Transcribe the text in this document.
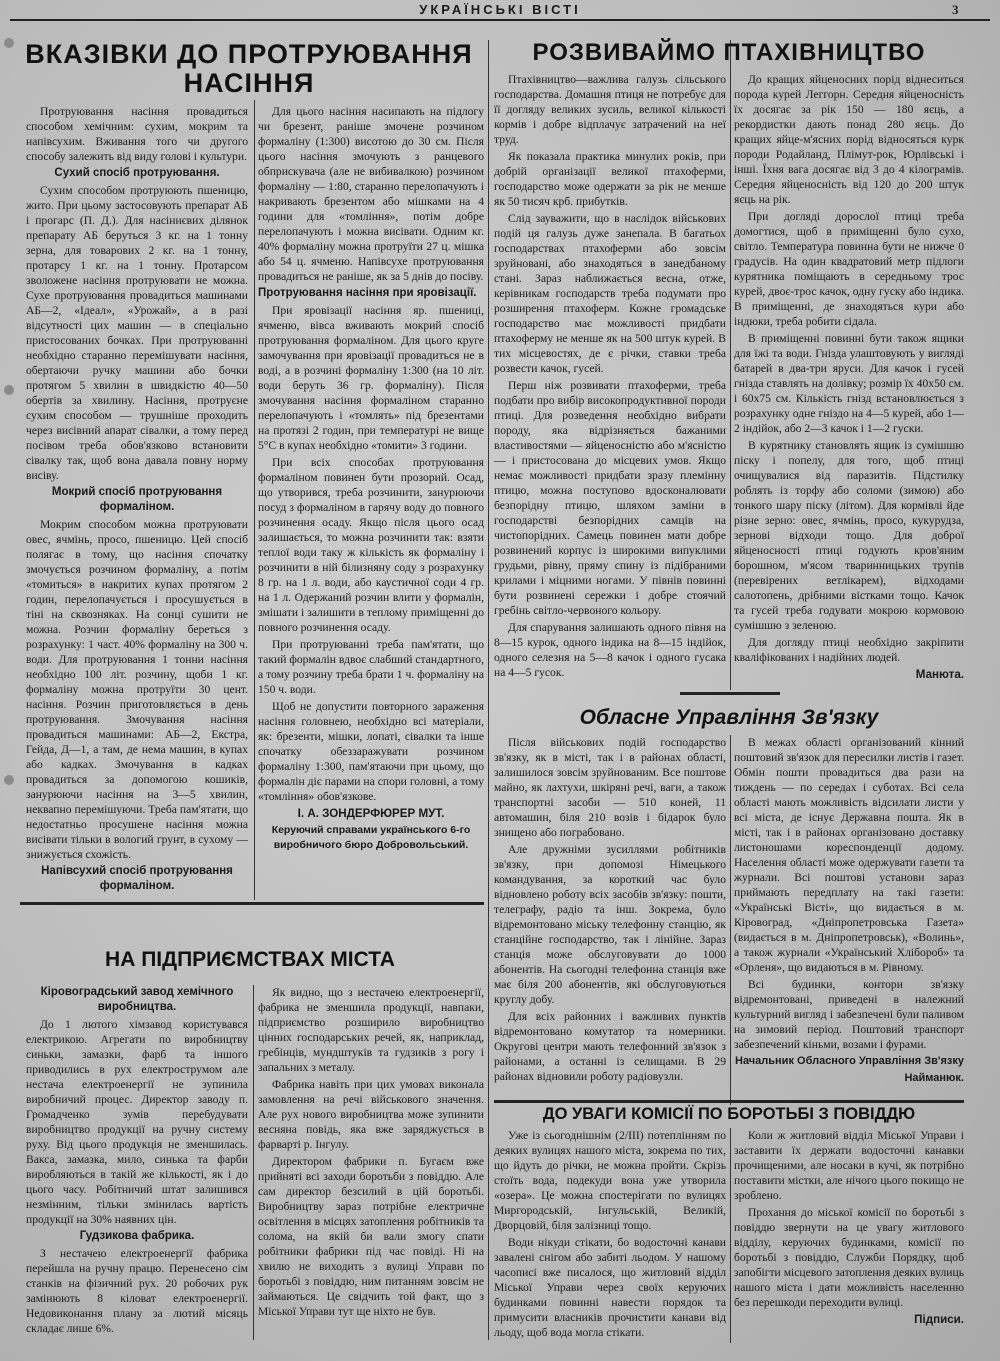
УКРАЇНСЬКІ ВІСТІ	3
ВКАЗІВКИ ДО ПРОТРУЮВАННЯ НАСІННЯ

Протруювання насіння провадиться способом хемічним: сухим, мокрим та напівсухим. Вживання того чи другого способу залежить від виду голові і культури.

Сухий спосіб протруювання.

Сухим способом протруюють пшеницю, жито. При цьому застосовують препарат АБ і прогарс (П. Д.). Для насіннєвих ділянок препарату АБ беруться 3 кг. на 1 тонну зерна, для товарових 2 кг. на 1 тонну, протарсу 1 кг. на 1 тонну. Протарсом зволожене насіння протруювати не можна. Сухе протруювання провадиться машинами АБ—2, «Ідеал», «Урожай», а в разі відсутності цих машин — в спеціально пристосованих бочках. При протруюванні необхідно старанно перемішувати насіння, обертаючи ручку машини або бочки протягом 5 хвилин в швидкістю 40—50 обертів за хвилину. Насіння, протруєне сухим способом — трушніше проходить через висівний апарат сівалки, а тому перед посівом треба обов'язково встановити сівалку так, щоб вона давала повну норму висіву.

Мокрий спосіб протруювання формаліном.

Мокрим способом можна протруювати овес, ячмінь, просо, пшеницю. Цей спосіб полягає в тому, що насіння спочатку змочується розчином формаліну, а потім «томиться» в накритих купах протягом 2 годин, перелопачується і просушується в тіні на сквозняках. На сонці сушити не можна. Розчин формаліну береться з розрахунку: 1 част. 40% формаліну на 300 ч. води. Для протруювання 1 тонни насіння необхідно 100 літ. розчину, щоби 1 кг. формаліну можна протруїти 30 цент. насіння. Розчин приготовляється в день протруювання. Змочування насіння провадиться машинами: АБ—2, Екстра, Гейда, Д—1, а там, де нема машин, в купах або кадках. Змочування в кадках провадиться за допомогою кошиків, занурюючи насіння на 3—5 хвилин, неквапно перемішуючи. Треба пам'ятати, що недостатньо просушене насіння можна висівати тільки в вологий грунт, в сухому — знижується схожість.

Напівсухий спосіб протруювання формаліном.

Для цього насіння насипають на підлогу чи брезент, раніше змочене розчином формаліну (1:300) висотою до 30 см. Після цього насіння змочують з ранцевого обприскувача (але не вибивалкою) розчином формаліну — 1:80, старанно перелопачують і накривають брезентом або мішками на 4 години для «томління», потім добре перелопачують і можна висівати. Одним кг. 40% формаліну можна протруїти 27 ц. мішка або 54 ц. ячменю. Напівсухе протруювання провадиться не раніше, як за 5 днів до посіву.

Протруювання насіння при яровізації.

При яровізації насіння яр. пшениці, ячменю, вівса вживають мокрий спосіб протруювання формаліном. Для цього круге замочування при яровізації провадиться не в воді, а в розчині формаліну 1:300 (на 10 літ. води беруть 36 гр. формаліну). Після змочування насіння формаліном старанно перелопачують і «томлять» під брезентами на протязі 2 годин, при температурі не вище 5°С в купах необхідно «томити» 3 години.

При всіх способах протруювання формаліном повинен бути прозорий. Осад, що утворився, треба розчинити, занурюючи посуд з формаліном в гарячу воду до повного розчинення осаду. Якщо після цього осад залишається, то можна розчинити так: взяти теплої води таку ж кількість як формаліну і розчинити в ній білизняну соду з розрахунку 8 гр. на 1 л. води, або каустичної соди 4 гр. на 1 л. Одержаний розчин влити у формалін, змішати і залишити в теплому приміщенні до повного розчинення осаду.

При протруюванні треба пам'ятати, що такий формалін вдвоє слабший стандартного, а тому розчину треба брати 1 ч. формаліну на 150 ч. води.

Щоб не допустити повторного зараження насіння головнею, необхідно всі матеріали, як: брезенти, мішки, лопаті, сівалки та інше спочатку обеззаражувати розчином формаліну 1:300, пам'ятаючи при цьому, що формалін діє парами на спори головні, а тому «томління» обов'язкове.

І. А. ЗОНДЕРФЮРЕР МУТ.

Керуючий справами українського 6-го виробничого бюро Добровольський.

НА ПІДПРИЄМСТВАХ МІСТА

Кіровоградський завод хемічного виробництва.

До 1 лютого хімзавод користувався електрикою. Агрегати по виробництву синьки, замазки, фарб та іншого приводились в рух електрострумом але нестача електроенергії не зупинила виробничий процес. Директор заводу п. Громадченко зумів перебудувати виробництво продукції на ручну систему руху. Від цього продукція не зменшилась. Вакса, замазка, мило, синька та фарби виробляються в такій же кількості, як і до цього часу. Робітничий штат залишився незмінним, тільки змінилась вартість продукції на 30% наявних цін.

Гудзикова фабрика.

З нестачею електроенергії фабрика перейшла на ручну працю. Перенесено сім станків на фізичний рух. 20 робочих рук замінюють 8 кіловат електроенергії. Недовиконання плану за лютий місяць складає лише 6%.

Як видно, що з нестачею електроенергії, фабрика не зменшила продукції, навпаки, підприємство розширило виробництво цінних господарських речей, як, наприклад, гребінців, мундштуків та гудзиків з рогу і запальних з металу.

Фабрика навіть при цих умовах виконала замовлення на речі військового значення. Але рух нового виробництва може зупинити весняна повідь, яка вже заряджується в фарварті р. Інгулу.

Директором фабрики п. Бугаєм вже прийняті всі заходи боротьби з повіддю. Але сам директор безсилий в цій боротьбі. Виробництву зараз потрібне електричне освітлення в місцях затоплення робітників та солома, на якій би вали змогу спати робітники фабрики під час повіді. Ні на хвилю не виходить з вулиці Управи по боротьбі з повіддю, ним питанням зовсім не займаються. Це свідчить той факт, що з Міської Управи тут ще ніхто не був.

РОЗВИВАЙМО ПТАХІВНИЦТВО

Птахівництво—важлива галузь сільського господарства. Домашня птиця не потребує для її догляду великих зусиль, великої кількості кормів і добре відплачує затрачений на неї труд.

Як показала практика минулих років, при добрій організації великої птахоферми, господарство може одержати за рік не менше як 50 тисяч крб. прибутків.

Слід зауважити, що в наслідок військових подій ця галузь дуже занепала. В багатьох господарствах птахоферми або зовсім зруйновані, або знаходяться в занедбаному стані. Зараз наближається весна, отже, керівникам господарств треба подумати про розширення птахоферм. Кожне громадське господарство має можливості придбати птахоферму не менше як на 500 штук курей. В тих місцевостях, де є річки, ставки треба розвести качок, гусей.

Перш ніж розвивати птахоферми, треба подбати про вибір високопродуктивної породи птиці. Для розведення необхідно вибрати породу, яка відрізняється бажаними властивостями — яйценосністю або м'ясністю — і пристосована до місцевих умов. Якщо немає можливості придбати зразу племінну птицю, можна поступово вдосконалювати безпорідну птицю, шляхом заміни в господарстві безпорідних самців на чистопорідних. Самець повинен мати добре розвинений корпус із широкими випуклими грудьми, рівну, пряму спину із підібраними крилами і міцними ногами. У півнів повинні бути розвинені сережки і добре стоячий гребінь світло-червоного кольору.

Для спарування залишають одного півня на 8—15 курок, одного індика на 8—15 індійок, одного селезня на 5—8 качок і одного гусака на 4—5 гусок.

До кращих яйценосних порід віднеситься порода курей Леггорн. Середня яйценосність їх досягає за рік 150 — 180 яєць, а рекордистки дають понад 280 яєць. До кращих яйце-м'ясних порід відносяться курк породи Родайланд, Плімут-рок, Юрлівські і інші. Їхня вага досягає від 3 до 4 кілограмів. Середня яйценосність від 120 до 200 штук яєць на рік.

При догляді дорослої птиці треба домогтися, щоб в приміщенні було сухо, світло. Температура повинна бути не нижче 0 градусів. На один квадратовий метр підлоги курятника поміщають в середньому трос курей, двоє-трос качок, одну гуску або індика. В приміщенні, де знаходяться кури або індюки, треба робити сідала.

В приміщенні повинні бути також ящики для їжі та води. Гнізда улаштовують у вигляді батарей в два-три яруси. Для качок і гусей гнізда ставлять на долівку; розмір їх 40x50 см. і 60x75 см. Кількість гнізд встановлюється з розрахунку одне гніздо на 4—5 курей, або 1—2 індійок, або 2—3 качок і 1—2 гуски.

В курятнику становлять ящик із сумішшю піску і попелу, для того, щоб птиці очищувалися від паразитів. Підстилку роблять із торфу або соломи (зимою) або тонкого шару піску (літом). Для кормівлі йде різне зерно: овес, ячмінь, просо, кукурудза, зернові відходи тощо. Для доброї яйценосності птиці годують кров'яним борошном, м'ясом тваринницьких трупів (перевірених ветлікарем), відходами салотопень, дрібними вістками тощо. Качок та гусей треба годувати мокрою кормовою сумішшю з зеленою.

Для догляду птиці необхідно закріпити кваліфікованих і надійних людей.

Манюта.

Обласне Управління Зв'язку

Після військових подій господарство зв'язку, як в місті, так і в районах області, залишилося зовсім зруйнованим. Все поштове майно, як лахтухи, шкіряні речі, ваги, а також транспортні засоби — 510 коней, 11 автомашин, біля 210 возів і бідарок було знищено або пограбовано.

Але дружніми зусиллями робітників зв'язку, при допомозі Німецького командування, за короткий час було відновлено роботу всіх засобів зв'язку: пошти, телеграфу, радіо та інш. Зокрема, було відремонтовано міську телефонну станцію, як станційне господарство, так і лінійне. Зараз станція може обслуговувати до 1000 абонентів. На сьогодні телефонна станція вже має біля 200 абонентів, які обслуговуються круглу добу.

Для всіх районних і важливих пунктів відремонтовано комутатор та номерники. Округові центри мають телефонний зв'язок з районами, а останні із селищами. В 29 районах відновили роботу радіовузли.

В межах області організований кінний поштовий зв'язок для пересилки листів і газет. Обмін пошти провадиться два рази на тиждень — по середах і суботах. Всі села області мають можливість відсилати листи у всі міста, де існує Державна пошта. Як в місті, так і в районах організовано доставку листоношами кореспонденції додому. Населення області може одержувати газети та журнали. Всі поштові установи зараз приймають передплату на такі газети: «Українські Вісті», що видається в м. Кіровоград, «Дніпропетровська Газета» (видається в м. Дніпропетровськ), «Волинь», а також журнали «Український Хлібороб» та «Орленя», що видаються в м. Рівному.

Всі будинки, контори зв'язку відремонтовані, приведені в належний культурний вигляд і забезпечені були паливом на зимовий період. Поштовий транспорт забезпечений кіньми, возами і фурами.

Начальник Обласного Управління Зв'язку

Найманюк.

ДО УВАГИ КОМІСІЇ ПО БОРОТЬБІ З ПОВІДДЮ

Уже із сьогоднішнім (2/ІІІ) потеплінням по деяких вулицях нашого міста, зокрема по тих, що йдуть до річки, не можна пройти. Скрізь стоїть вода, подекуди вона уже утворила «озера». Це можна спостерігати по вулицях Миргородській, Інгульській, Великій, Дворцовій, біля залізниці тощо.

Води нікуди стікати, бо водосточні канави завалені снігом або забиті льодом. У нашому часописі вже писалося, що житловий відділ Міської Управи через своїх керуючих будинками повинні навести порядок та примусити власників прочистити канави від льоду, щоб вода могла стікати.

Коли ж житловий відділ Міської Управи і заставити їх держати водосточні канавки прочищеними, але носаки в кучі, як потрібно поставити містки, але нічого цього покищо не зроблено.

Прохання до міської комісії по боротьбі з повіддю звернути на це увагу житлового відділу, керуючих будинками, комісії по боротьбі з повіддю, Служби Порядку, щоб запобігти місцевого затоплення деяких вулиць нашого міста і дати можливість населенню без перешкоди переходити вулиці.

Підписи.
